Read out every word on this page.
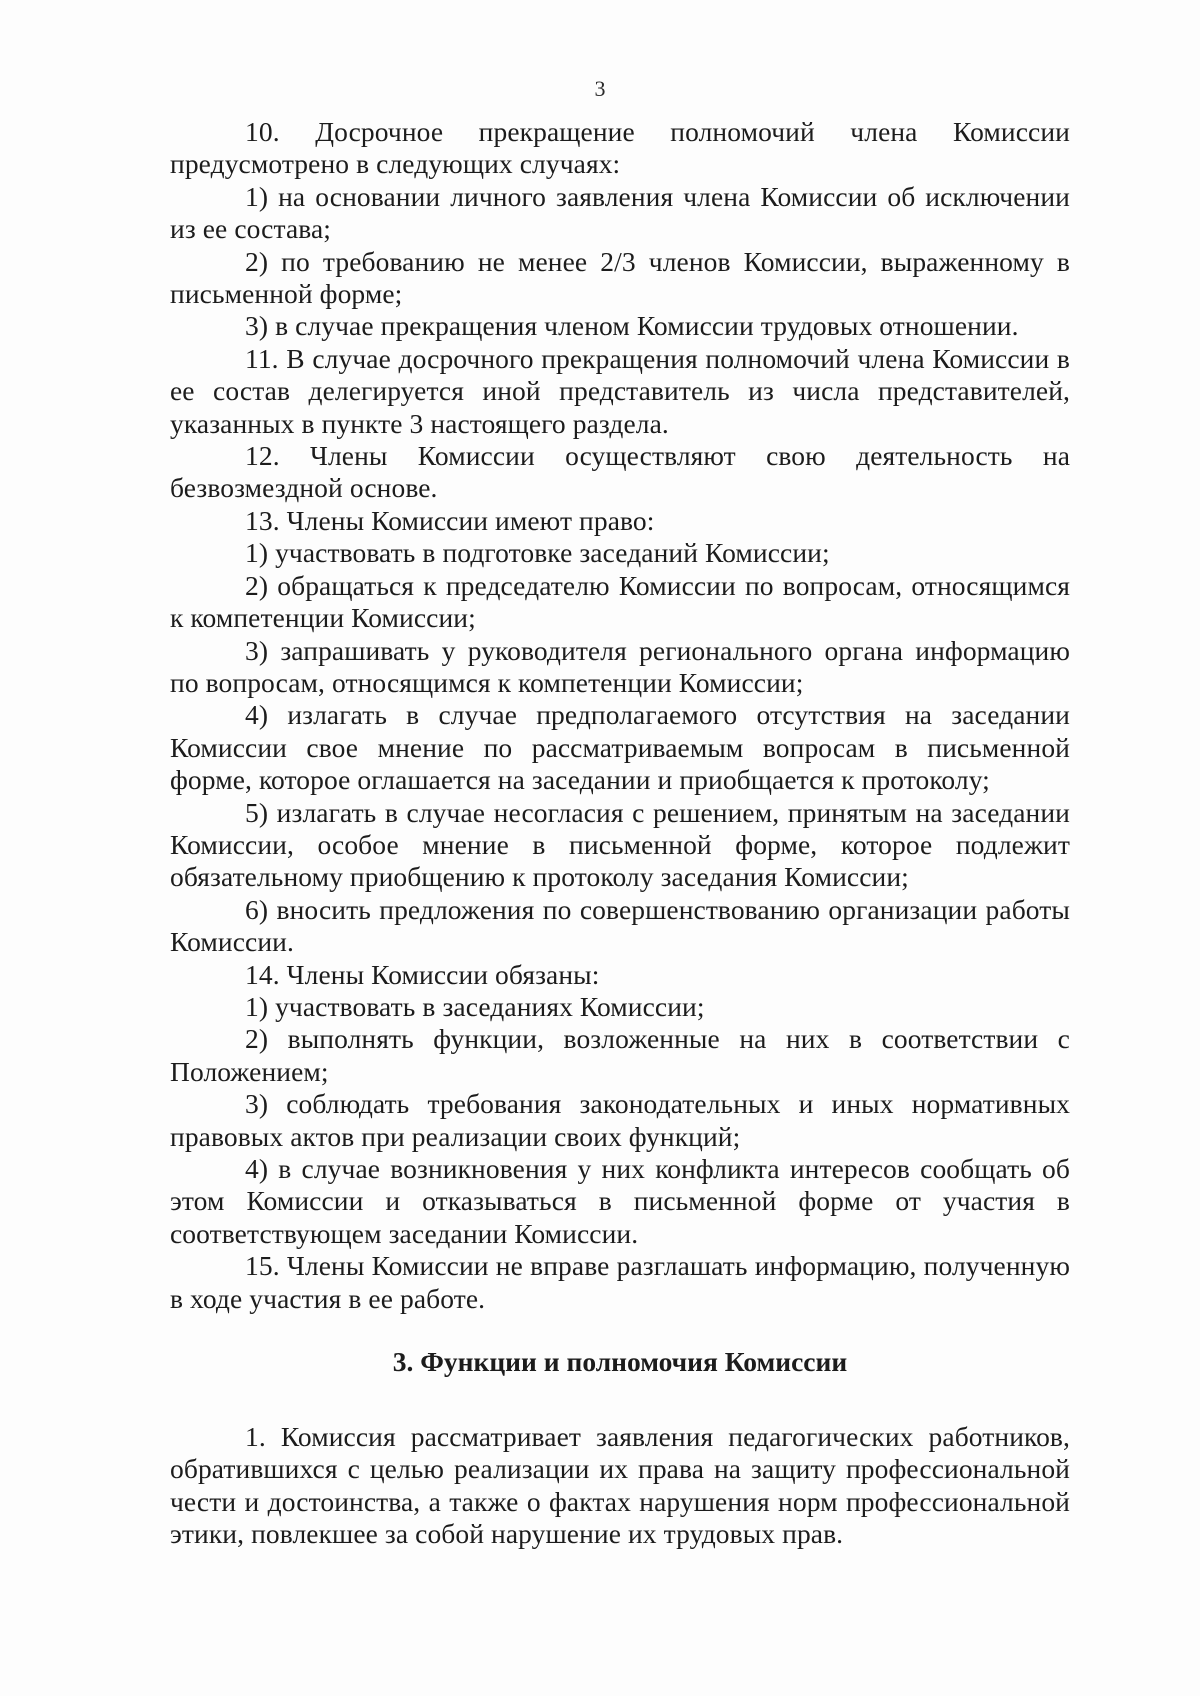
3

10. Досрочное прекращение полномочий члена Комиссии предусмотрено в следующих случаях:

1) на основании личного заявления члена Комиссии об исключении из ее состава;

2) по требованию не менее 2/3 членов Комиссии, выраженному в письменной форме;

3) в случае прекращения членом Комиссии трудовых отношении.

11. В случае досрочного прекращения полномочий члена Комиссии в ее состав делегируется иной представитель из числа представителей, указанных в пункте 3 настоящего раздела.

12. Члены Комиссии осуществляют свою деятельность на безвозмездной основе.

13. Члены Комиссии имеют право:

1) участвовать в подготовке заседаний Комиссии;

2) обращаться к председателю Комиссии по вопросам, относящимся к компетенции Комиссии;

3) запрашивать у руководителя регионального органа информацию по вопросам, относящимся к компетенции Комиссии;

4) излагать в случае предполагаемого отсутствия на заседании Комиссии свое мнение по рассматриваемым вопросам в письменной форме, которое оглашается на заседании и приобщается к протоколу;

5) излагать в случае несогласия с решением, принятым на заседании Комиссии, особое мнение в письменной форме, которое подлежит обязательному приобщению к протоколу заседания Комиссии;

6) вносить предложения по совершенствованию организации работы Комиссии.

14. Члены Комиссии обязаны:

1) участвовать в заседаниях Комиссии;

2) выполнять функции, возложенные на них в соответствии с Положением;

3) соблюдать требования законодательных и иных нормативных правовых актов при реализации своих функций;

4) в случае возникновения у них конфликта интересов сообщать об этом Комиссии и отказываться в письменной форме от участия в соответствующем заседании Комиссии.

15. Члены Комиссии не вправе разглашать информацию, полученную в ходе участия в ее работе.

3. Функции и полномочия Комиссии

1. Комиссия рассматривает заявления педагогических работников, обратившихся с целью реализации их права на защиту профессиональной чести и достоинства, а также о фактах нарушения норм профессиональной этики, повлекшее за собой нарушение их трудовых прав.
